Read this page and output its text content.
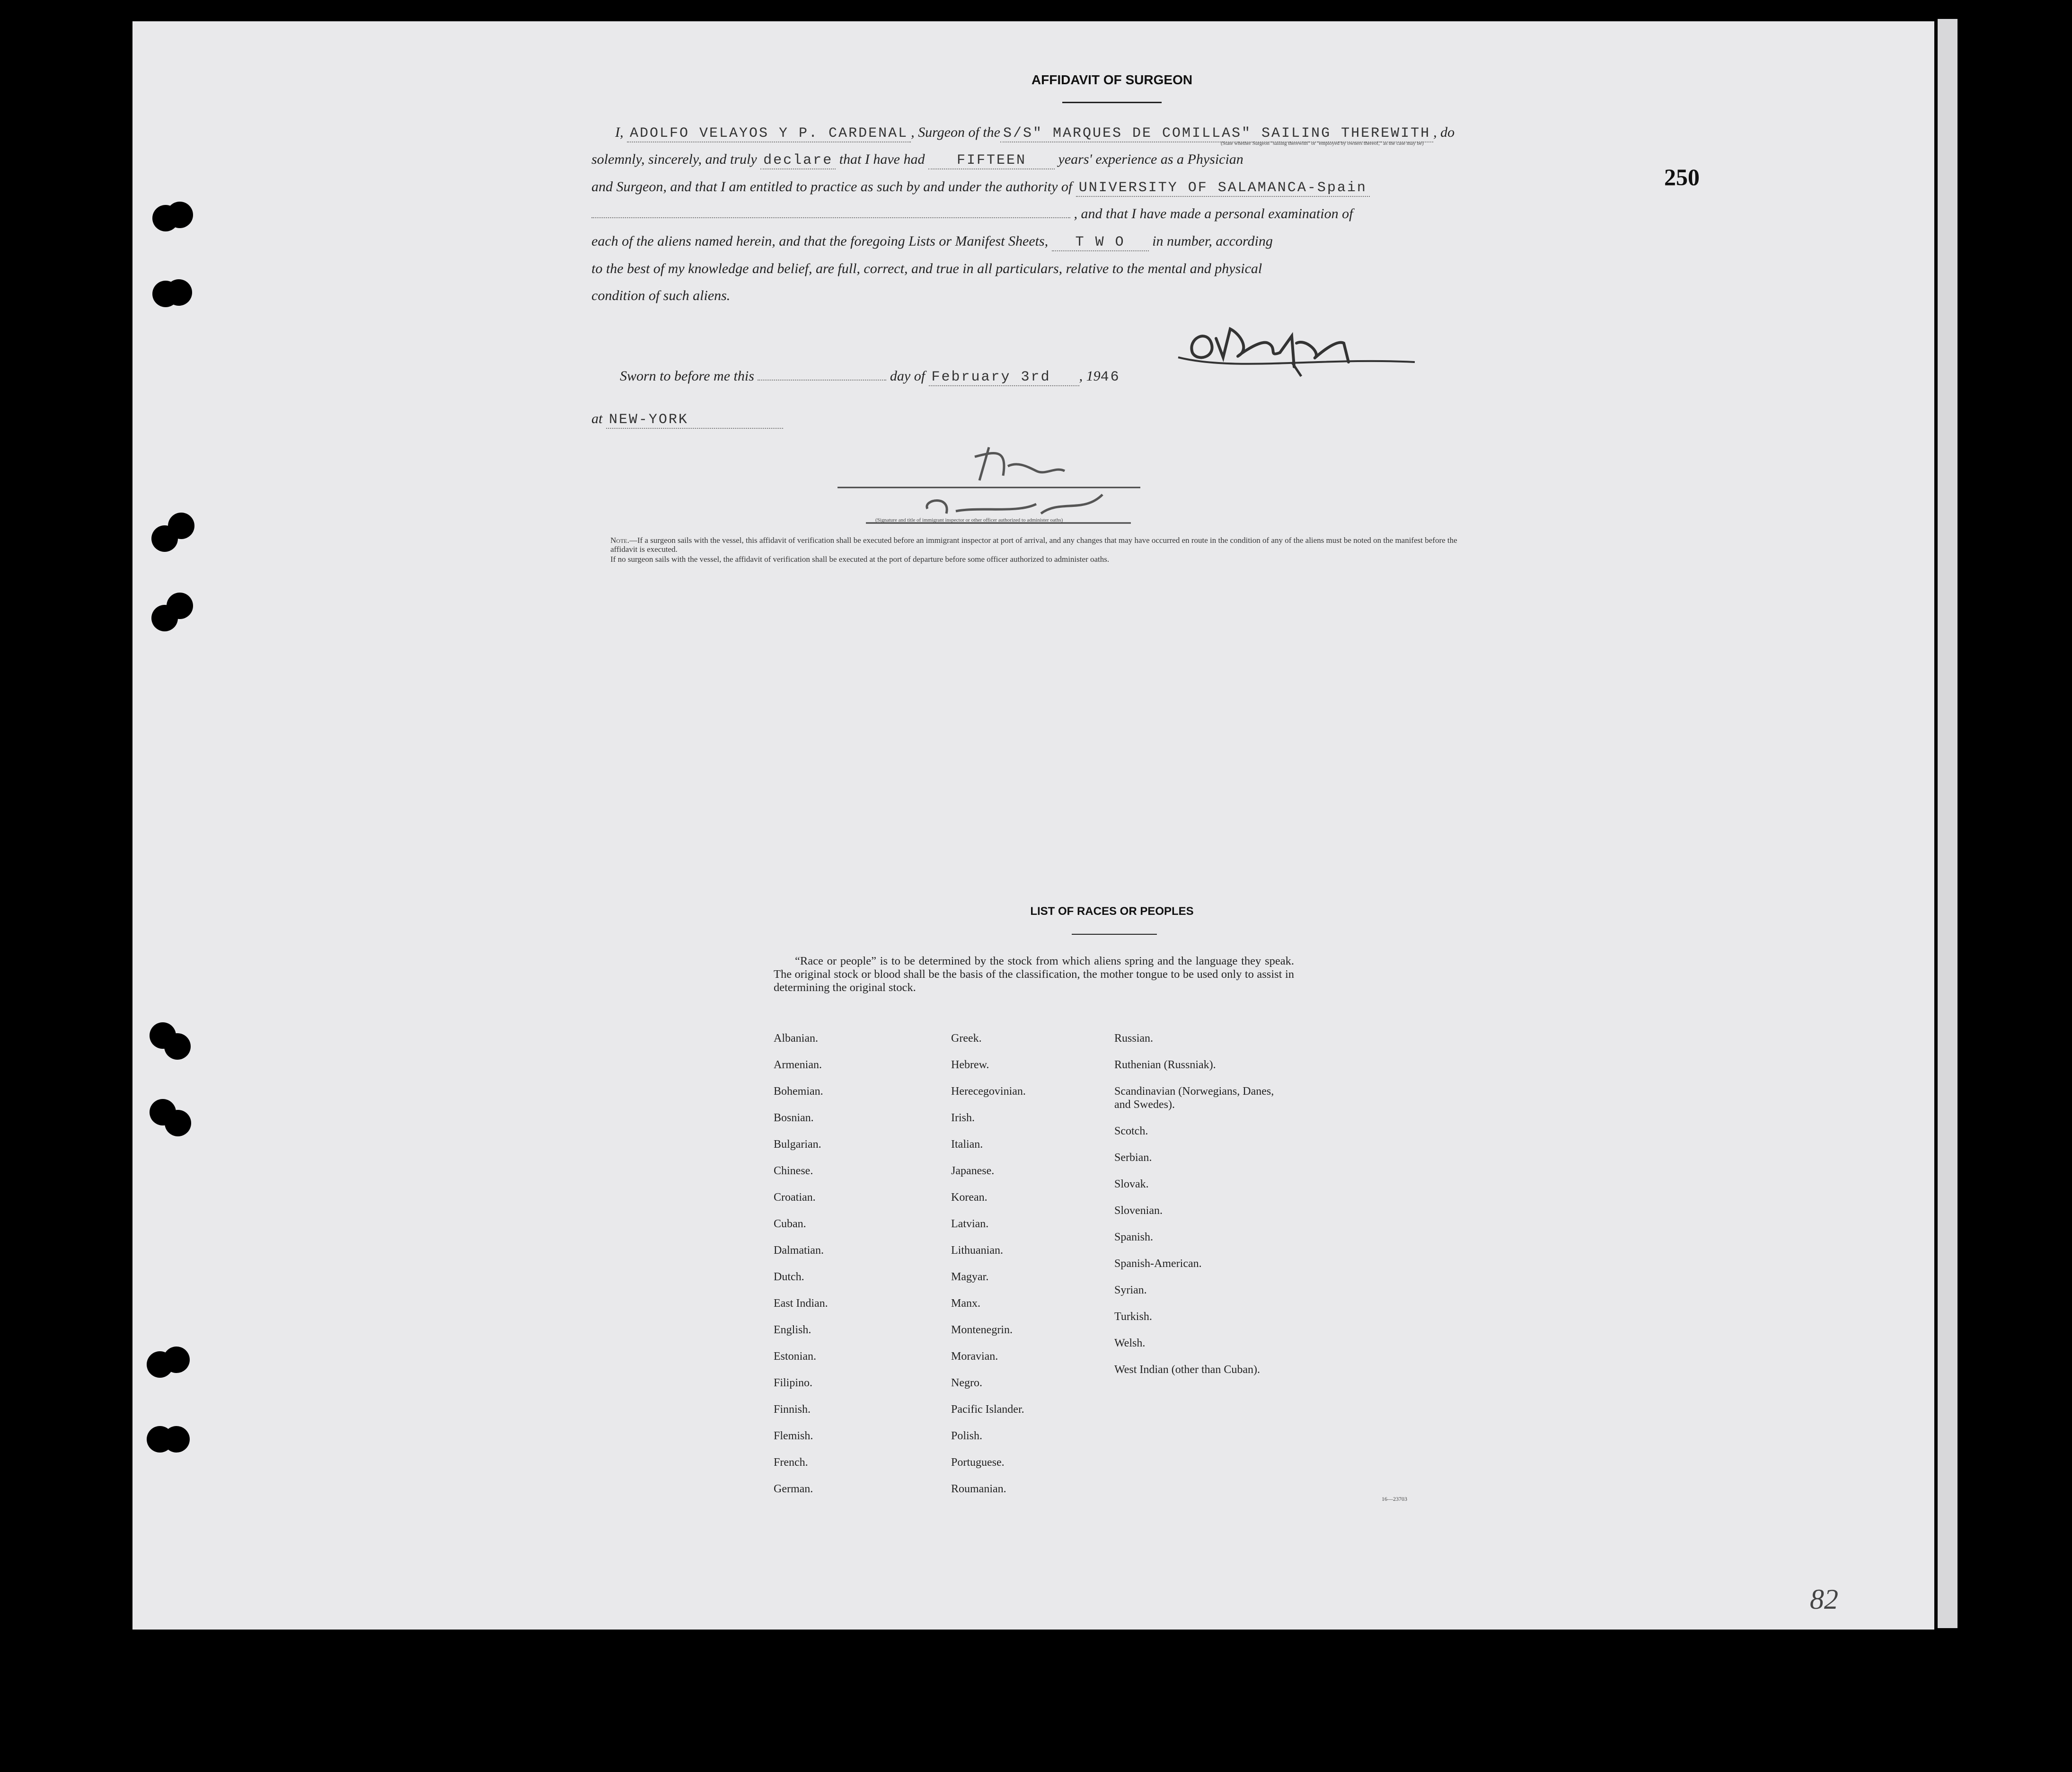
250
82
AFFIDAVIT OF SURGEON
I, ADOLFO VELAYOS Y P. CARDENAL , Surgeon of the S/S" MARQUES DE COMILLAS" SAILING THEREWITH , do
(State whether Surgeon "sailing therewith" or "employed by owners thereof," as the case may be)
solemnly, sincerely, and truly declare that I have had FIFTEEN years' experience as a Physician
and Surgeon, and that I am entitled to practice as such by and under the authority of UNIVERSITY OF SALAMANCA-Spain
, and that I have made a personal examination of
each of the aliens named herein, and that the foregoing Lists or Manifest Sheets, T W O in number, according
to the best of my knowledge and belief, are full, correct, and true in all particulars, relative to the mental and physical
condition of such aliens.
Sworn to before me this	day of February 3rd , 1946
at NEW-YORK
(Signature and title of immigrant inspector or other officer authorized to administer oaths)
Note.—If a surgeon sails with the vessel, this affidavit of verification shall be executed before an immigrant inspector at port of arrival, and any changes that may have occurred en route in the condition of any of the aliens must be noted on the manifest before the affidavit is executed.
If no surgeon sails with the vessel, the affidavit of verification shall be executed at the port of departure before some officer authorized to administer oaths.
LIST OF RACES OR PEOPLES
“Race or people” is to be determined by the stock from which aliens spring and the language they speak. The original stock or blood shall be the basis of the classification, the mother tongue to be used only to assist in determining the original stock.
Albanian.
Armenian.
Bohemian.
Bosnian.
Bulgarian.
Chinese.
Croatian.
Cuban.
Dalmatian.
Dutch.
East Indian.
English.
Estonian.
Filipino.
Finnish.
Flemish.
French.
German.
Greek.
Hebrew.
Herecegovinian.
Irish.
Italian.
Japanese.
Korean.
Latvian.
Lithuanian.
Magyar.
Manx.
Montenegrin.
Moravian.
Negro.
Pacific Islander.
Polish.
Portuguese.
Roumanian.
Russian.
Ruthenian (Russniak).
Scandinavian (Norwegians, Danes, and Swedes).
Scotch.
Serbian.
Slovak.
Slovenian.
Spanish.
Spanish-American.
Syrian.
Turkish.
Welsh.
West Indian (other than Cuban).
16—23703
